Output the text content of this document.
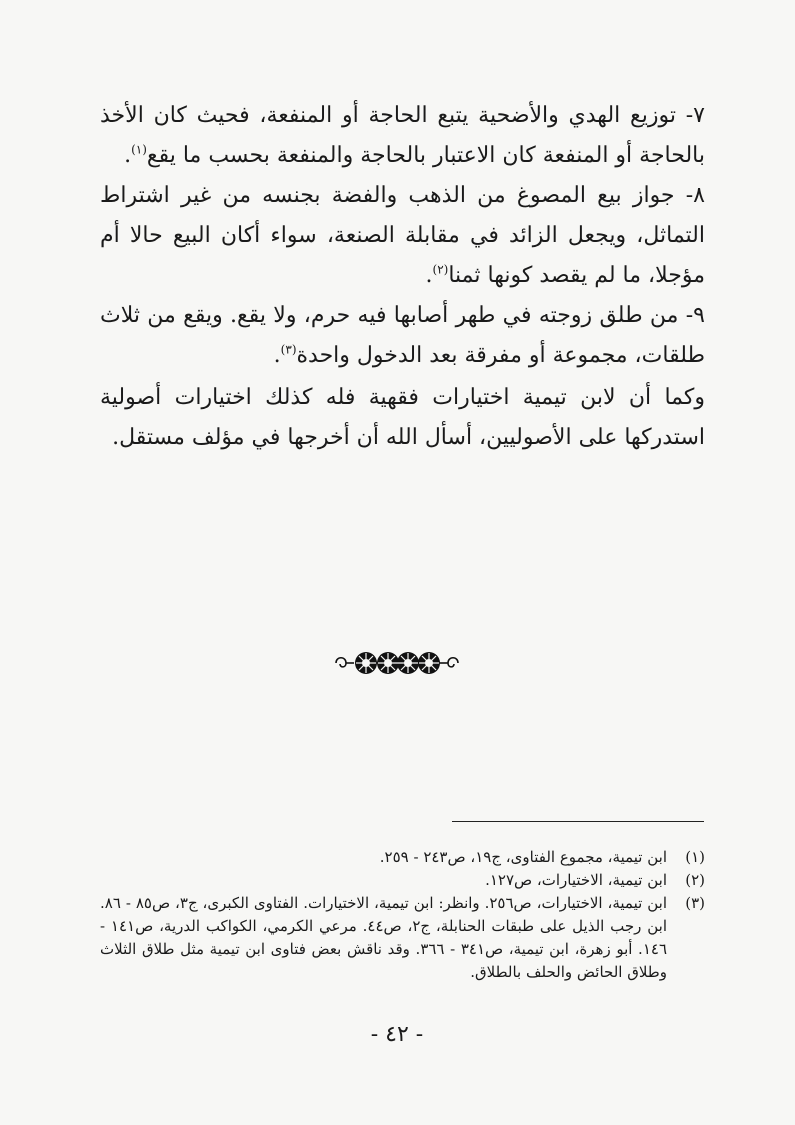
٧- توزيع الهدي والأضحية يتبع الحاجة أو المنفعة، فحيث كان الأخذ بالحاجة أو المنفعة كان الاعتبار بالحاجة والمنفعة بحسب ما يقع$^{(١)}$.

٨- جواز بيع المصوغ من الذهب والفضة بجنسه من غير اشتراط التماثل، ويجعل الزائد في مقابلة الصنعة، سواء أكان البيع حالا أم مؤجلا، ما لم يقصد كونها ثمنا$^{(٢)}$.

٩- من طلق زوجته في طهر أصابها فيه حرم، ولا يقع. ويقع من ثلاث طلقات، مجموعة أو مفرقة بعد الدخول واحدة$^{(٣)}$.

وكما أن لابن تيمية اختيارات فقهية فله كذلك اختيارات أصولية استدركها على الأصوليين، أسأل الله أن أخرجها في مؤلف مستقل.

(١)
ابن تيمية، مجموع الفتاوى، ج١٩، ص٢٤٣ - ٢٥٩.
(٢)
ابن تيمية، الاختيارات، ص١٢٧.
(٣)
ابن تيمية، الاختيارات، ص٢٥٦. وانظر: ابن تيمية، الاختيارات. الفتاوى الكبرى، ج٣، ص٨٥ - ٨٦. ابن رجب الذيل على طبقات الحنابلة، ج٢، ص٤٤. مرعي الكرمي، الكواكب الدرية، ص١٤١ - ١٤٦. أبو زهرة، ابن تيمية، ص٣٤١ - ٣٦٦. وقد ناقش بعض فتاوى ابن تيمية مثل طلاق الثلاث وطلاق الحائض والحلف بالطلاق.
- ٤٢ -
